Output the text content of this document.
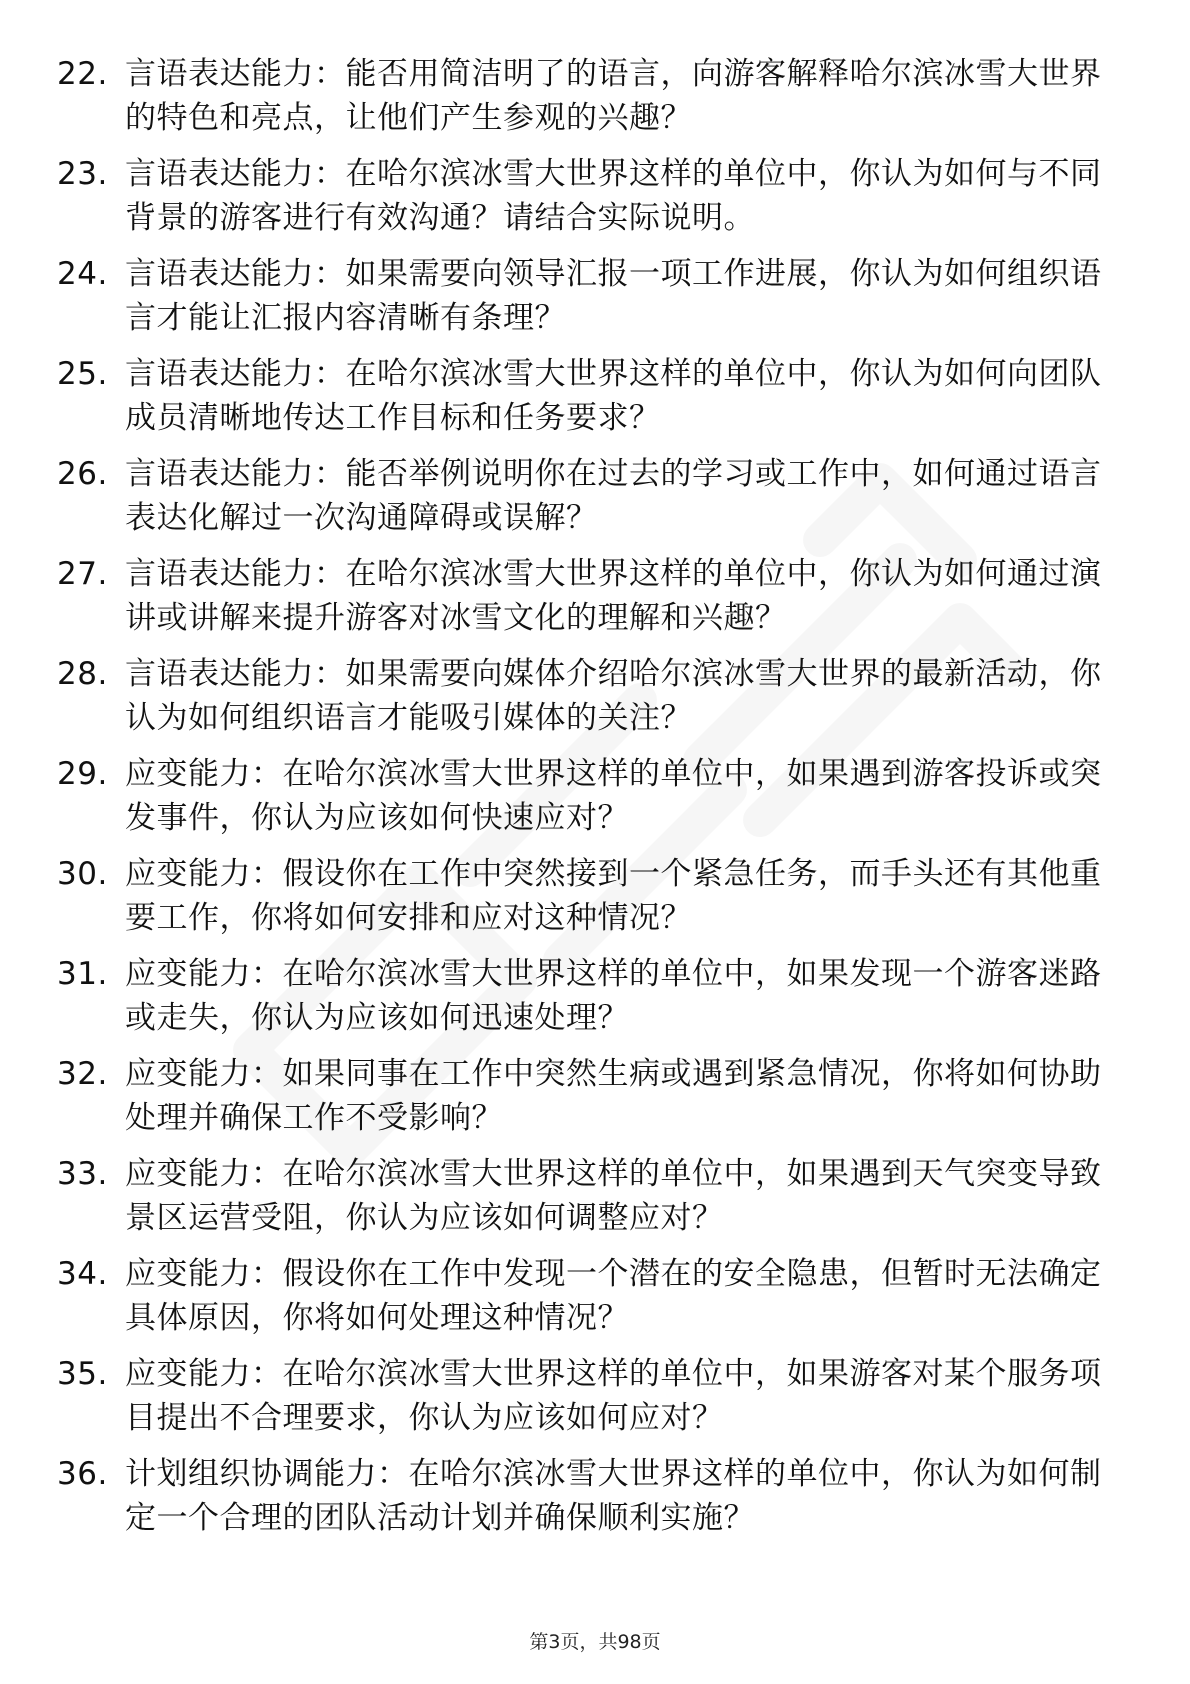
22. 言语表达能力：能否用简洁明了的语言，向游客解释哈尔滨冰雪大世界的特色和亮点，让他们产生参观的兴趣？
23. 言语表达能力：在哈尔滨冰雪大世界这样的单位中，你认为如何与不同背景的游客进行有效沟通？请结合实际说明。
24. 言语表达能力：如果需要向领导汇报一项工作进展，你认为如何组织语言才能让汇报内容清晰有条理？
25. 言语表达能力：在哈尔滨冰雪大世界这样的单位中，你认为如何向团队成员清晰地传达工作目标和任务要求？
26. 言语表达能力：能否举例说明你在过去的学习或工作中，如何通过语言表达化解过一次沟通障碍或误解？
27. 言语表达能力：在哈尔滨冰雪大世界这样的单位中，你认为如何通过演讲或讲解来提升游客对冰雪文化的理解和兴趣？
28. 言语表达能力：如果需要向媒体介绍哈尔滨冰雪大世界的最新活动，你认为如何组织语言才能吸引媒体的关注？
29. 应变能力：在哈尔滨冰雪大世界这样的单位中，如果遇到游客投诉或突发事件，你认为应该如何快速应对？
30. 应变能力：假设你在工作中突然接到一个紧急任务，而手头还有其他重要工作，你将如何安排和应对这种情况？
31. 应变能力：在哈尔滨冰雪大世界这样的单位中，如果发现一个游客迷路或走失，你认为应该如何迅速处理？
32. 应变能力：如果同事在工作中突然生病或遇到紧急情况，你将如何协助处理并确保工作不受影响？
33. 应变能力：在哈尔滨冰雪大世界这样的单位中，如果遇到天气突变导致景区运营受阻，你认为应该如何调整应对？
34. 应变能力：假设你在工作中发现一个潜在的安全隐患，但暂时无法确定具体原因，你将如何处理这种情况？
35. 应变能力：在哈尔滨冰雪大世界这样的单位中，如果游客对某个服务项目提出不合理要求，你认为应该如何应对？
36. 计划组织协调能力：在哈尔滨冰雪大世界这样的单位中，你认为如何制定一个合理的团队活动计划并确保顺利实施？
第3页，共98页
